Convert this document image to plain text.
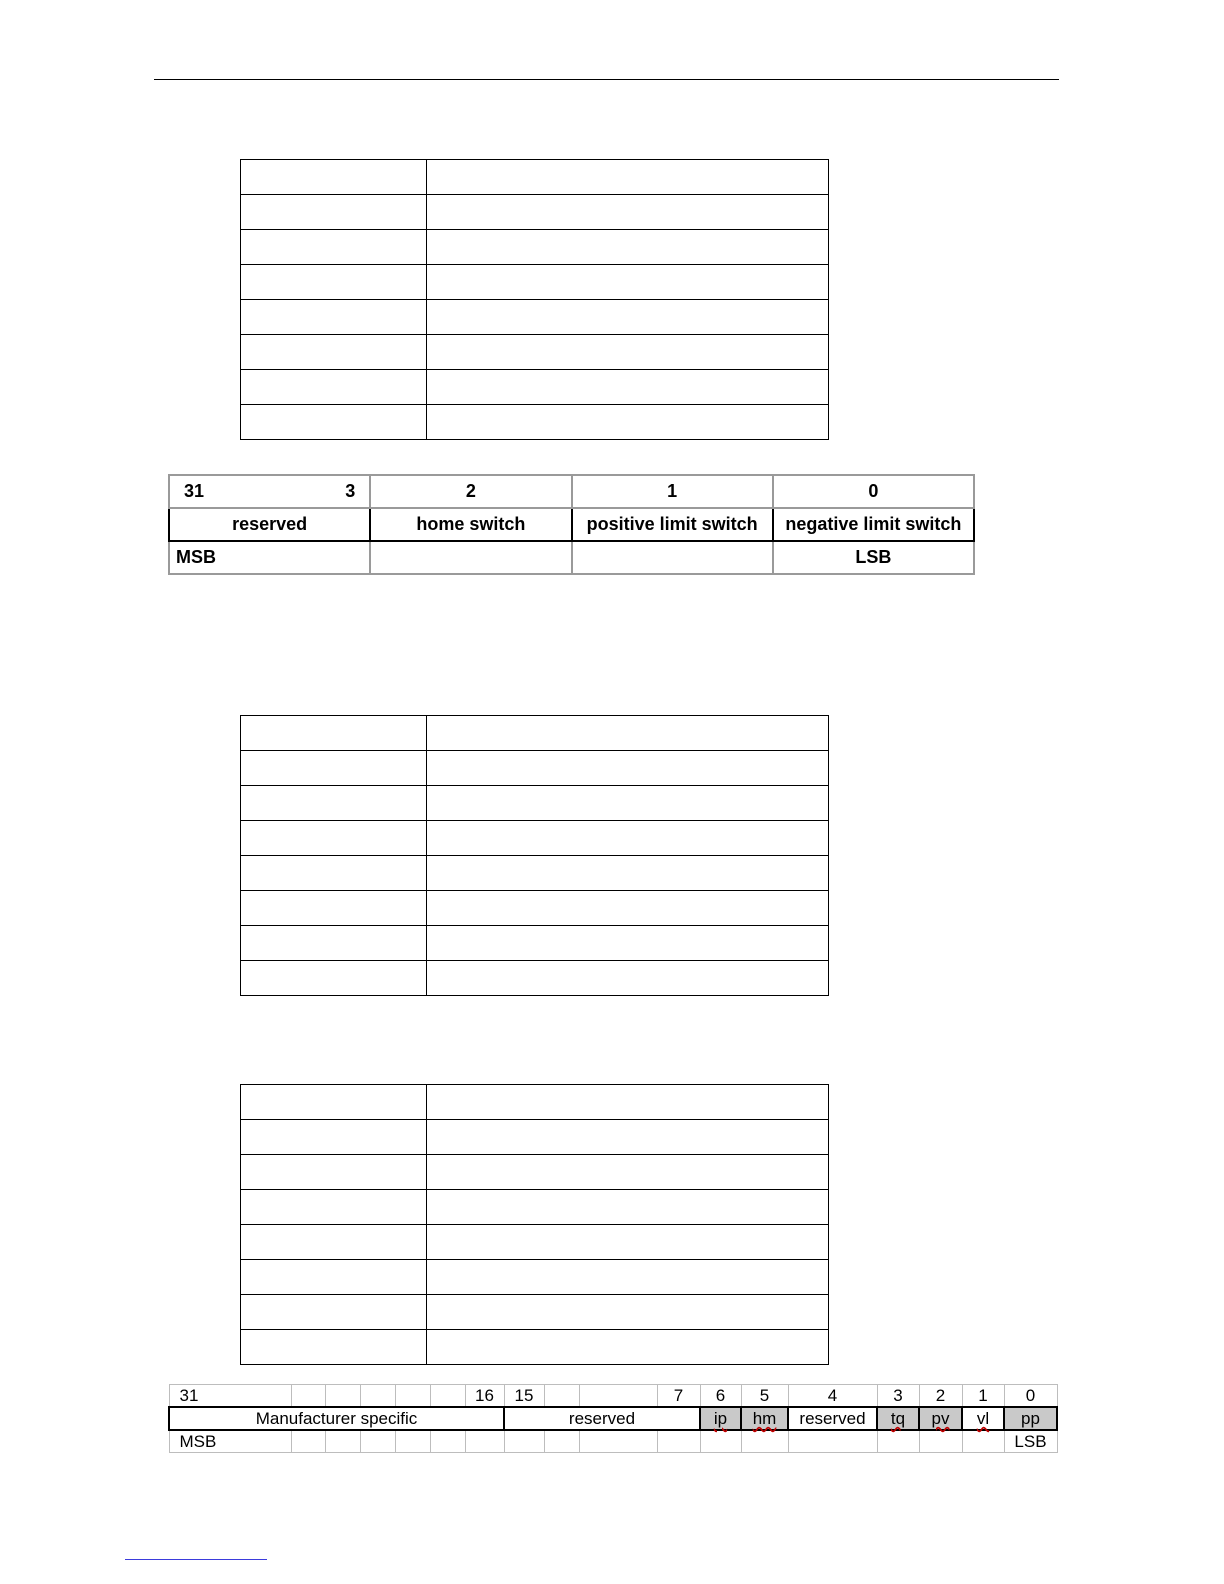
31 3	2	1	0
reserved	home switch	positive limit switch	negative limit switch
MSB			LSB

31						16	15			7	6	5	4	3	2	1	0
Manufacturer specific							reserved				ip	hm	reserved	tq	pv	vl	pp
MSB																	LSB
